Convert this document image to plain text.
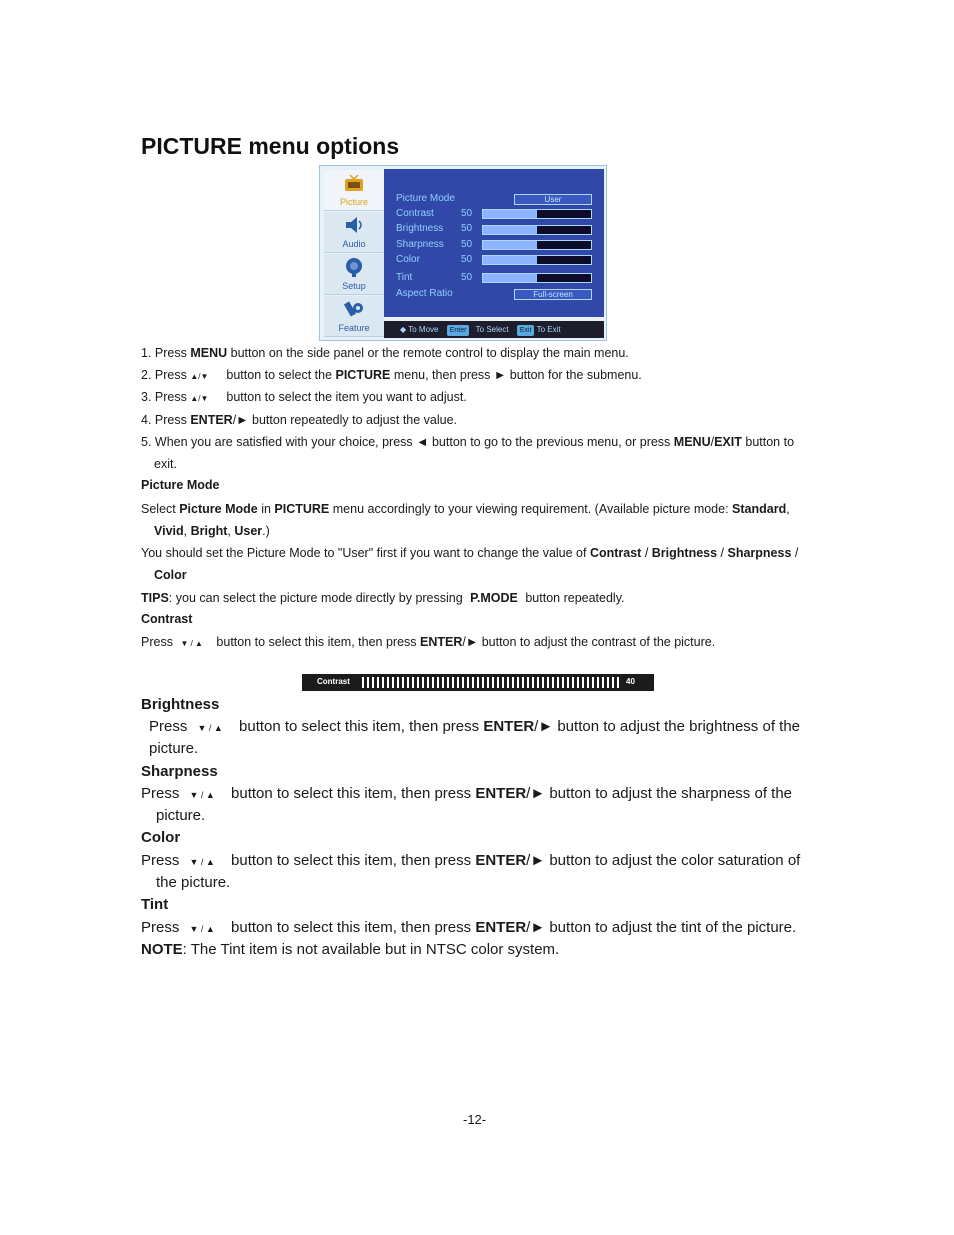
PICTURE menu options
Picture
Audio
Setup
Feature
Picture Mode	User
Contrast	50
Brightness 50
Sharpness 50
Color	50
Tint	50
Aspect Ratio	Full-screen
◆ To Move Enter To Select Exit To Exit
1. Press MENU button on the side panel or the remote control to display the main menu.
2. Press ▲/▼ button to select the PICTURE menu, then press ► button for the submenu.
3. Press ▲/▼ button to select the item you want to adjust.
4. Press ENTER/► button repeatedly to adjust the value.
5. When you are satisfied with your choice, press ◄ button to go to the previous menu, or press MENU/EXIT button to
exit.
Picture Mode
Select Picture Mode in PICTURE menu accordingly to your viewing requirement. (Available picture mode: Standard,
Vivid, Bright, User.)
You should set the Picture Mode to "User" first if you want to change the value of Contrast / Brightness / Sharpness /
Color
TIPS: you can select the picture mode directly by pressing P.MODE button repeatedly.
Contrast
Press ▼ / ▲ button to select this item, then press ENTER/► button to adjust the contrast of the picture.
Contrast	40
Brightness
Press ▼ / ▲ button to select this item, then press ENTER/► button to adjust the brightness of the
picture.
Sharpness
Press ▼ / ▲ button to select this item, then press ENTER/► button to adjust the sharpness of the
picture.
Color
Press ▼ / ▲ button to select this item, then press ENTER/► button to adjust the color saturation of
the picture.
Tint
Press ▼ / ▲ button to select this item, then press ENTER/► button to adjust the tint of the picture.
NOTE: The Tint item is not available but in NTSC color system.
-12-
